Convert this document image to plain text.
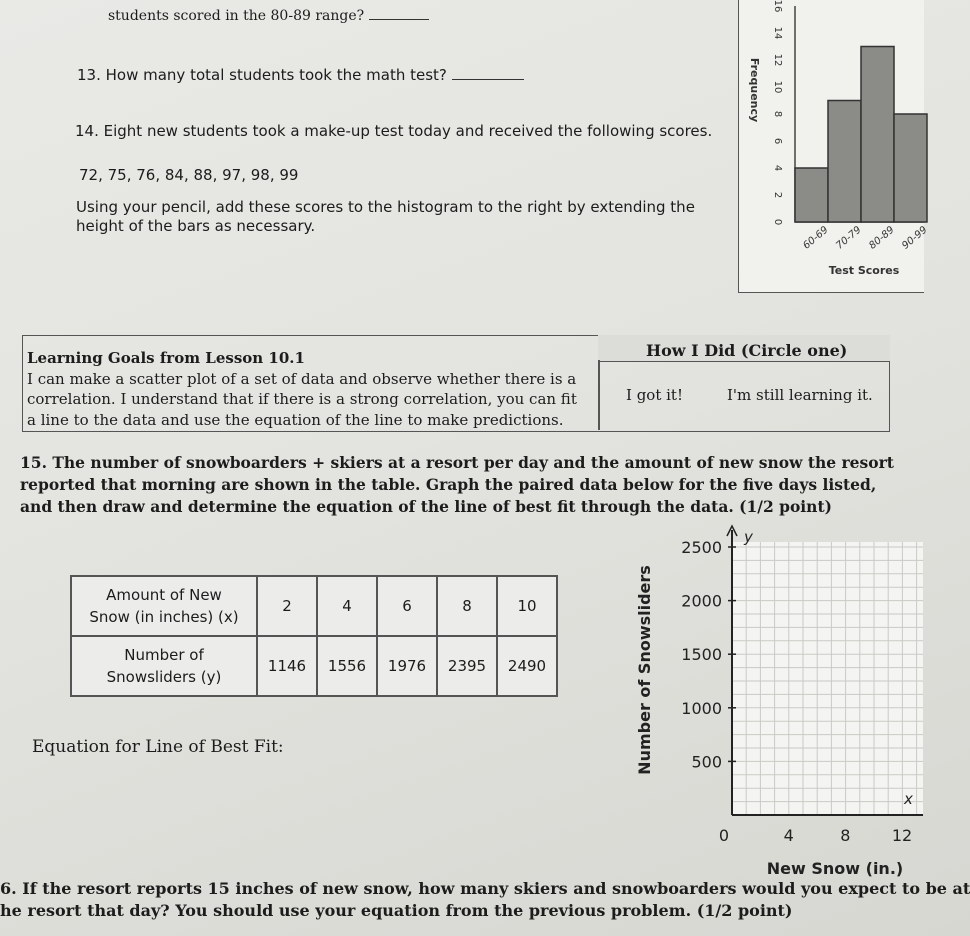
students scored in the 80-89 range?
13. How many total students took the math test?
14. Eight new students took a make-up test today and received the following scores.
72, 75, 76, 84, 88, 97, 98, 99
Using your pencil, add these scores to the histogram to the right by extending the height of the bars as necessary.	0
2
4
6
8
10
12
14
16
60-69 70-79 80-89 90-99
Frequency
Test Scores
Learning Goals from Lesson 10.1
I can make a scatter plot of a set of data and observe whether there is a
correlation. I understand that if there is a strong correlation, you can fit
a line to the data and use the equation of the line to make predictions.
How I Did (Circle one)
I got it!	I'm still learning it.
15. The number of snowboarders + skiers at a resort per day and the amount of new snow the resort reported that morning are shown in the table. Graph the paired data below for the five days listed, and then draw and determine the equation of the line of best fit through the data. (1/2 point)
Amount of New
Snow (in inches) (x)	2	4	6	8	10

Number of
Snowsliders (y)	1146	1556	1976	2395	2490
Equation for Line of Best Fit:
500
1000
1500
2000
2500
4	8	12
0
y
x
Number of Snowsliders
New Snow (in.)
6. If the resort reports 15 inches of new snow, how many skiers and snowboarders would you expect to be at
he resort that day? You should use your equation from the previous problem. (1/2 point)
